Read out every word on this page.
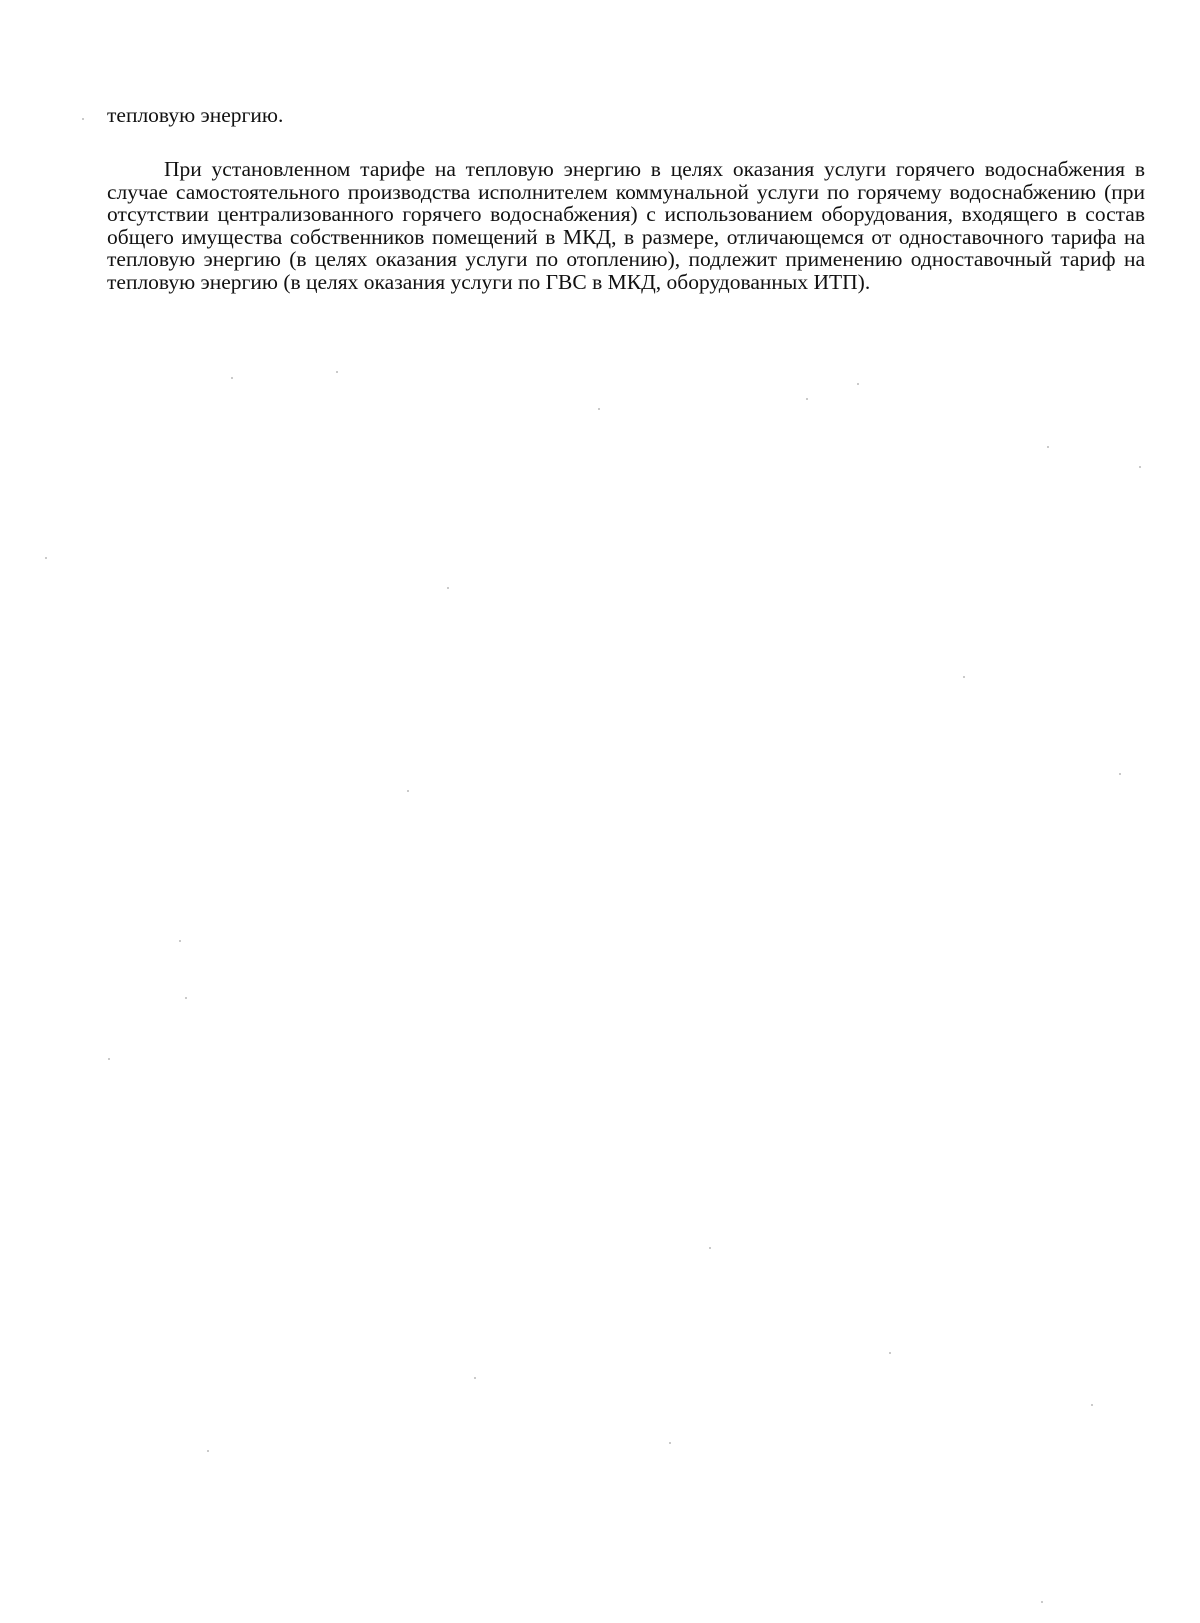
тепловую энергию.

При установленном тарифе на тепловую энергию в целях оказания услуги горячего водоснабжения в случае самостоятельного производства исполнителем коммунальной услуги по горячему водоснабжению (при отсутствии централизованного горячего водоснабжения) с использованием оборудования, входящего в состав общего имущества собственников помещений в МКД, в размере, отличающемся от одноставочного тарифа на тепловую энергию (в целях оказания услуги по отоплению), подлежит применению одноставочный тариф на тепловую энергию (в целях оказания услуги по ГВС в МКД, оборудованных ИТП).
